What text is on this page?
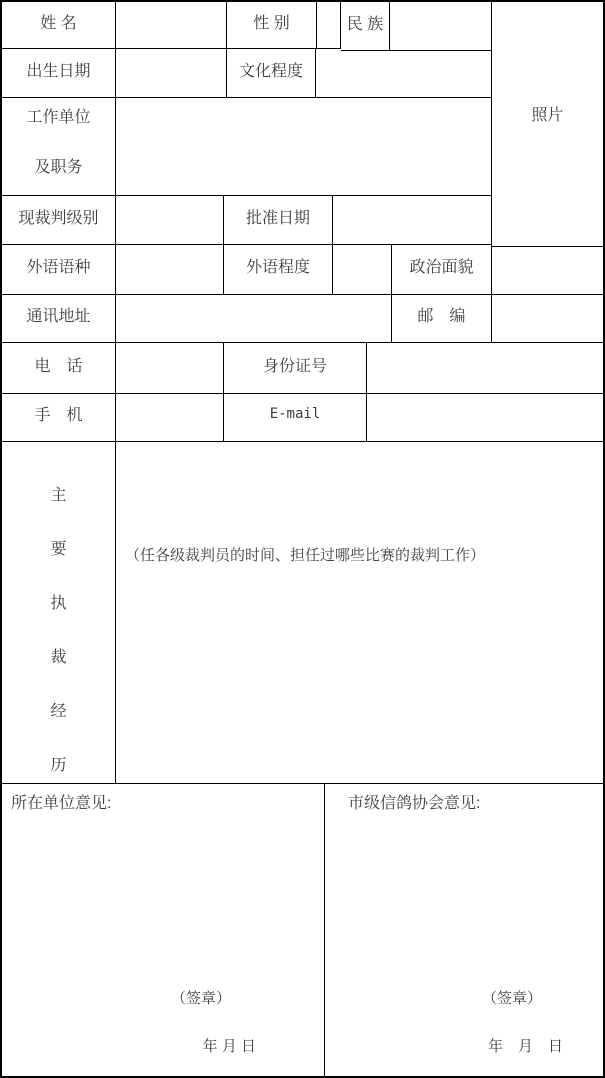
姓 名	性 别	民 族
照片
出生日期	文化程度
工作单位
及职务
现裁判级别	批准日期
外语语种	外语程度	政治面貌
通讯地址	邮　编
电　话	身份证号
手　机	E-mail
主
要
执
裁
经
历
（任各级裁判员的时间、担任过哪些比赛的裁判工作）
所在单位意见:
（签章）
年 月 日
市级信鸽协会意见:
（签章）
年　月　日
